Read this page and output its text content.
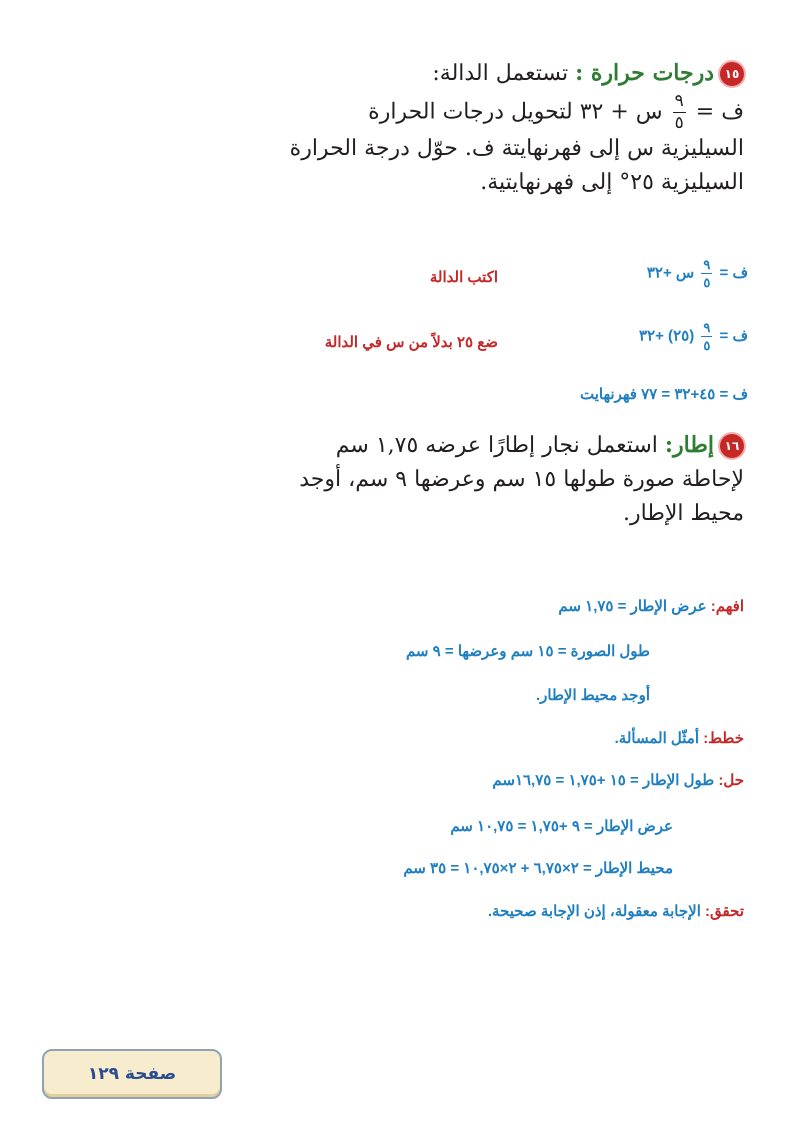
١٥درجات حرارة : تستعمل الدالة:
ف =
$\frac{٩}{٥}$
س + ٣٢ لتحويل درجات الحرارة
السيليزية س إلى فهرنهايتة ف. حوّل درجة الحرارة
السيليزية ٢٥° إلى فهرنهايتية.
ف =
$\frac{٩}{٥}$
س +٣٢
اكتب الدالة
ف =
$\frac{٩}{٥}$
(٢٥) +٣٢
ضع ٢٥ بدلاً من س في الدالة
ف = ٤٥+٣٢ = ٧٧ فهرنهايت
١٦إطار: استعمل نجار إطارًا عرضه ١,٧٥ سم
لإحاطة صورة طولها ١٥ سم وعرضها ٩ سم، أوجد
محيط الإطار.
افهم: عرض الإطار = ١,٧٥ سم
طول الصورة = ١٥ سم وعرضها = ٩ سم
أوجد محيط الإطار.
خطط: أمثّل المسألة.
حل: طول الإطار = ١٥ +١,٧٥ = ١٦,٧٥سم
عرض الإطار = ٩ +١,٧٥ = ١٠,٧٥ سم
محيط الإطار = ٢×٦,٧٥ + ٢×١٠,٧٥ = ٣٥ سم
تحقق: الإجابة معقولة، إذن الإجابة صحيحة.
صفحة ١٢٩
